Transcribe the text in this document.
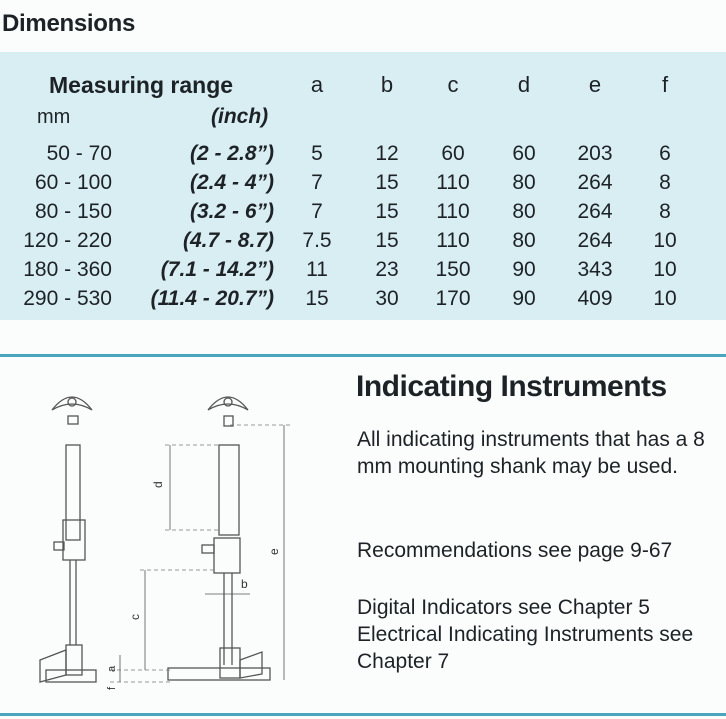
Dimensions
Measuring range
mm	(inch)
a	b	c	d	e	f
50 - 70	(2 - 2.8”)	5	12	60	60	203	6
60 - 100	(2.4 - 4”)	7	15	110	80	264	8
80 - 150	(3.2 - 6”)	7	15	110	80	264	8
120 - 220	(4.7 - 8.7)	7.5	15	110	80	264	10
180 - 360	(7.1 - 14.2”)	11	23	150	90	343	10
290 - 530	(11.4 - 20.7”)	15	30	170	90	409	10
d
e
c
b
a
f
Indicating Instruments
All indicating instruments that has a 8 mm mounting shank may be used.
Recommendations see page 9-67
Digital Indicators see Chapter 5 Electrical Indicating Instruments see Chapter 7
